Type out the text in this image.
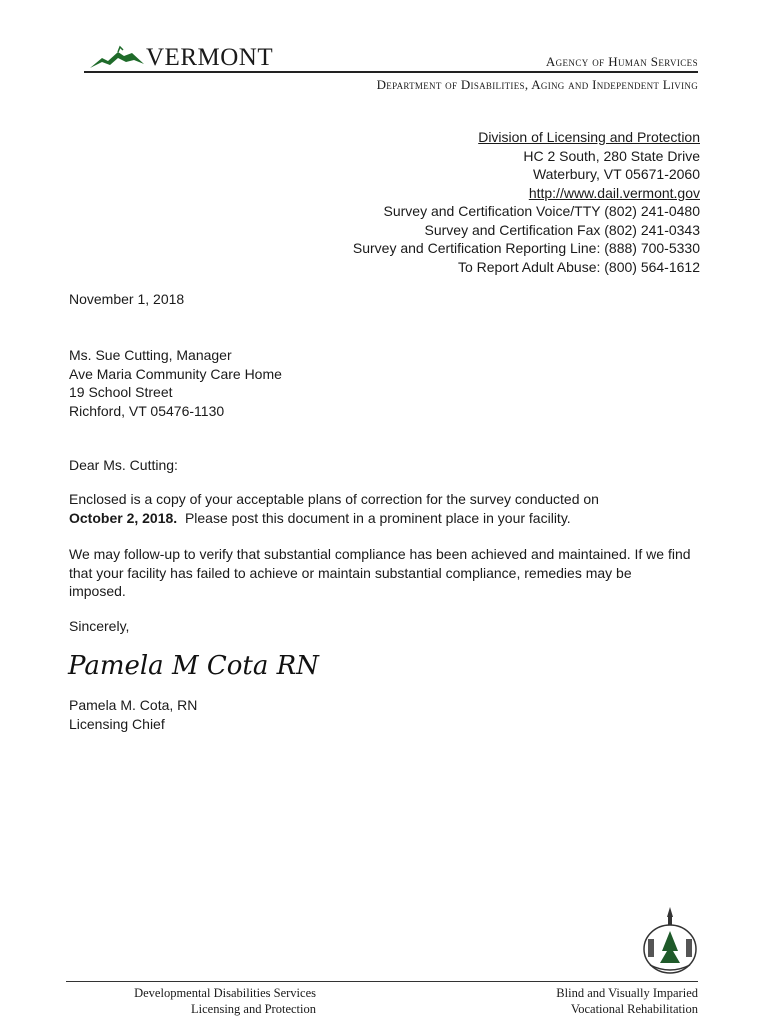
VERMONT	Agency of Human Services
Department of Disabilities, Aging and Independent Living
Division of Licensing and Protection
HC 2 South, 280 State Drive
Waterbury, VT 05671-2060
http://www.dail.vermont.gov
Survey and Certification Voice/TTY (802) 241-0480
Survey and Certification Fax (802) 241-0343
Survey and Certification Reporting Line: (888) 700-5330
To Report Adult Abuse: (800) 564-1612
November 1, 2018
Ms. Sue Cutting, Manager
Ave Maria Community Care Home
19 School Street
Richford, VT 05476-1130
Dear Ms. Cutting:
Enclosed is a copy of your acceptable plans of correction for the survey conducted on
October 2, 2018.  Please post this document in a prominent place in your facility.
We may follow-up to verify that substantial compliance has been achieved and maintained. If we find that your facility has failed to achieve or maintain substantial compliance, remedies may be imposed.
Sincerely,
Pamela M Cota RN
Pamela M. Cota, RN
Licensing Chief
Developmental Disabilities Services
Licensing and Protection
Blind and Visually Imparied
Vocational Rehabilitation
